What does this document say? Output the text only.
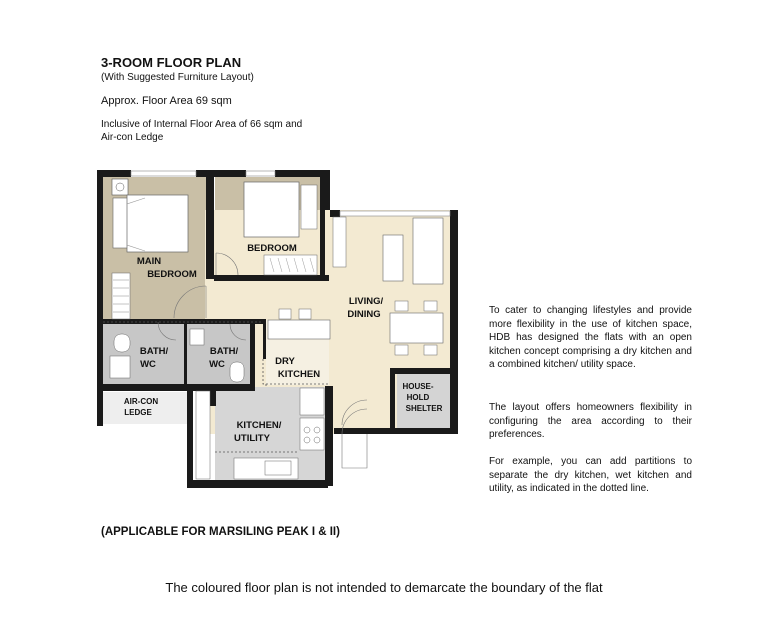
3-ROOM FLOOR PLAN
(With Suggested Furniture Layout)
Approx. Floor Area 69 sqm
Inclusive of Internal Floor Area of 66 sqm and
Air-con Ledge
MAIN
BEDROOM
BEDROOM
LIVING/
DINING
BATH/
WC
BATH/
WC	DRY
KITCHEN
HOUSE-
HOLD
SHELTER
AIR-CON
LEDGE
KITCHEN/
UTILITY
To cater to changing lifestyles and provide more flexibility in the use of kitchen space, HDB has designed the flats with an open kitchen concept comprising a dry kitchen and a combined kitchen/ utility space.
The layout offers homeowners flexibility in configuring the area according to their preferences.
For example, you can add partitions to separate the dry kitchen, wet kitchen and utility, as indicated in the dotted line.
(APPLICABLE FOR MARSILING PEAK I & II)
The coloured floor plan is not intended to demarcate the boundary of the flat
